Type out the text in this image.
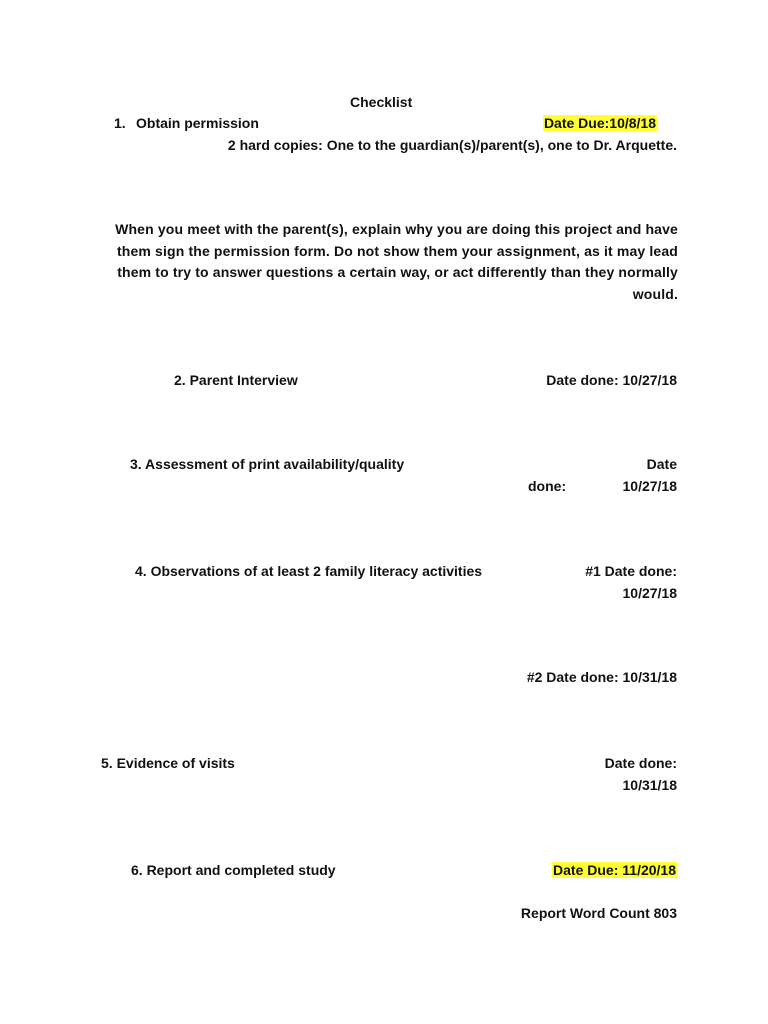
Checklist
1. Obtain permission	Date Due:10/8/18
2 hard copies: One to the guardian(s)/parent(s), one to Dr. Arquette.
When you meet with the parent(s), explain why you are doing this project and have them sign the permission form. Do not show them your assignment, as it may lead them to try to answer questions a certain way, or act differently than they normally would.
2. Parent Interview	Date done: 10/27/18
3. Assessment of print availability/quality	Date
done:	10/27/18
4. Observations of at least 2 family literacy activities	#1 Date done:
10/27/18
#2 Date done: 10/31/18
5. Evidence of visits	Date done:
10/31/18
6. Report and completed study	Date Due: 11/20/18
Report Word Count 803
